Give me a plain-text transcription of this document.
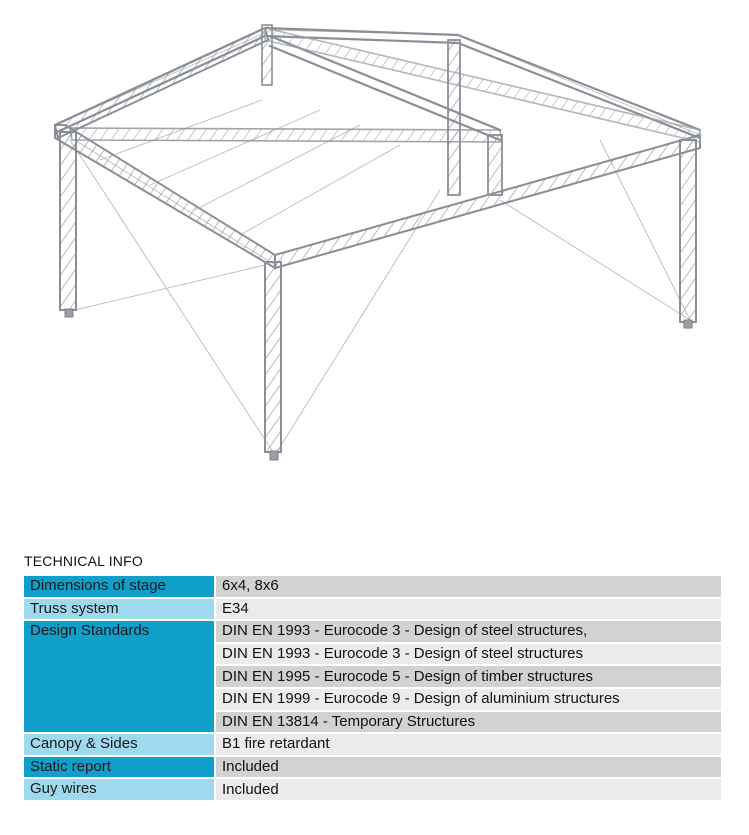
TECHNICAL INFO
Dimensions of stage	6x4, 8x6
Truss system	E34
Design Standards	DIN EN 1993 - Eurocode 3 - Design of steel structures,
	DIN EN 1993 - Eurocode 3 - Design of steel structures
	DIN EN 1995 - Eurocode 5 - Design of timber structures
	DIN EN 1999 - Eurocode 9 - Design of aluminium structures
	DIN EN 13814 - Temporary Structures
Canopy & Sides	B1 fire retardant
Static report	Included
Guy wires	Included
